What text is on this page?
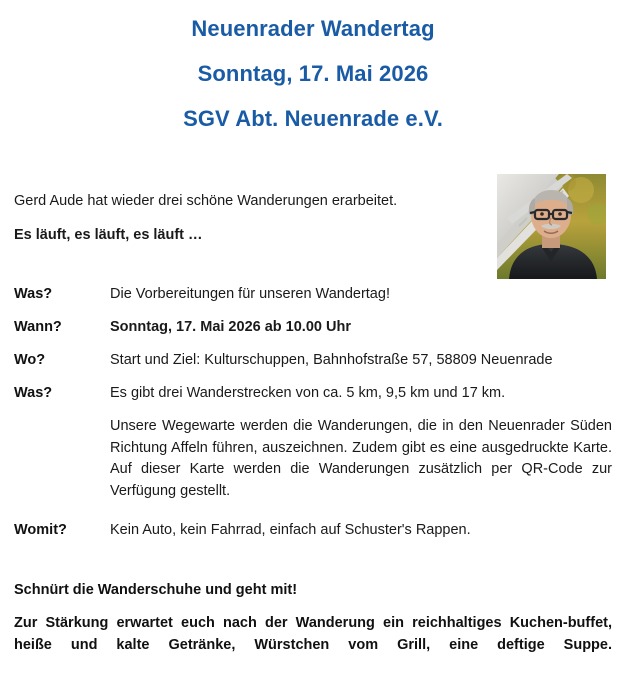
Neuenrader Wandertag
Sonntag, 17. Mai 2026
SGV Abt. Neuenrade e.V.
Gerd Aude hat wieder drei schöne Wanderungen erarbeitet.
Es läuft, es läuft, es läuft …
Was?	Die Vorbereitungen für unseren Wandertag!
Wann?	Sonntag, 17. Mai 2026 ab 10.00 Uhr
Wo?	Start und Ziel: Kulturschuppen, Bahnhofstraße 57, 58809 Neuenrade
Was?	Es gibt drei Wanderstrecken von ca. 5 km, 9,5 km und 17 km.
Unsere Wegewarte werden die Wanderungen, die in den Neuenrader Süden Richtung Affeln führen, auszeichnen. Zudem gibt es eine ausgedruckte Karte. Auf dieser Karte werden die Wanderungen zusätzlich per QR-Code zur Verfügung gestellt.
Womit?	Kein Auto, kein Fahrrad, einfach auf Schuster's Rappen.
Schnürt die Wanderschuhe und geht mit!
Zur Stärkung erwartet euch nach der Wanderung ein reichhaltiges Kuchen-buffet, heiße und kalte Getränke, Würstchen vom Grill, eine deftige Suppe.
